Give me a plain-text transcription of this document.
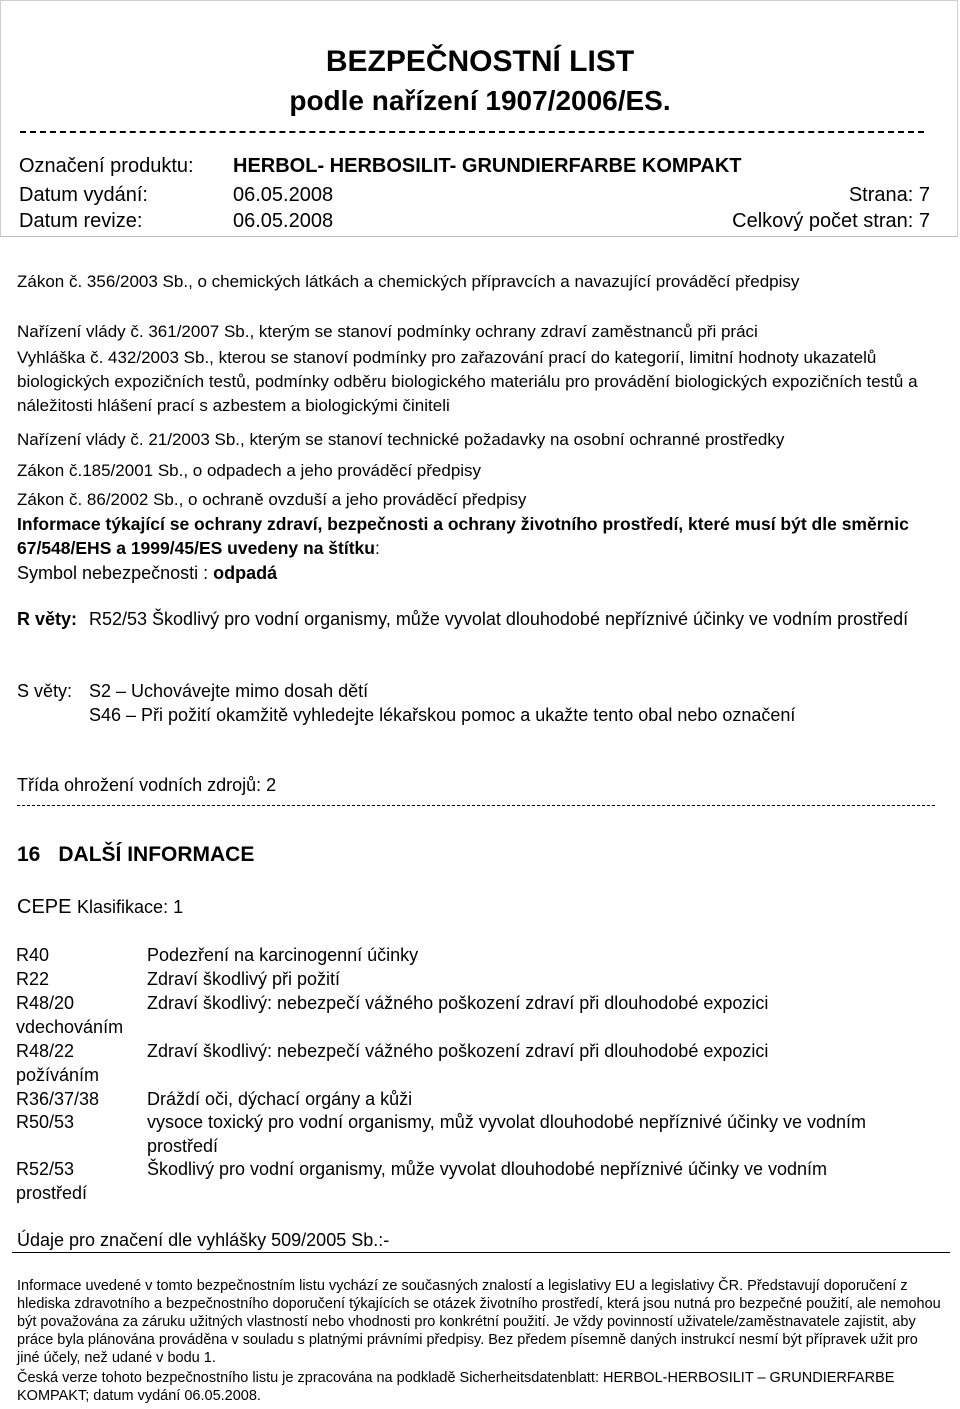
BEZPEČNOSTNÍ LIST
podle nařízení 1907/2006/ES.
Označení produktu: HERBOL- HERBOSILIT- GRUNDIERFARBE KOMPAKT
Datum vydání:	06.05.2008	Strana: 7
Datum revize:	06.05.2008	Celkový počet stran: 7
Zákon č. 356/2003 Sb., o chemických látkách a chemických přípravcích a navazující prováděcí předpisy
Nařízení vlády č. 361/2007 Sb., kterým se stanoví podmínky ochrany zdraví zaměstnanců při práci
Vyhláška č. 432/2003 Sb., kterou se stanoví podmínky pro zařazování prací do kategorií, limitní hodnoty ukazatelů biologických expozičních testů, podmínky odběru biologického materiálu pro provádění biologických expozičních testů a náležitosti hlášení prací s azbestem a biologickými činiteli
Nařízení vlády č. 21/2003 Sb., kterým se stanoví technické požadavky na osobní ochranné prostředky
Zákon č.185/2001 Sb., o odpadech a jeho prováděcí předpisy
Zákon č. 86/2002 Sb., o ochraně ovzduší a jeho prováděcí předpisy
Informace týkající se ochrany zdraví, bezpečnosti a ochrany životního prostředí, které musí být dle směrnic 67/548/EHS a 1999/45/ES uvedeny na štítku:
Symbol nebezpečnosti : odpadá
R věty: R52/53 Škodlivý pro vodní organismy, může vyvolat dlouhodobé nepříznivé účinky ve vodním prostředí
S věty: S2 – Uchovávejte mimo dosah dětí
S46 – Při požití okamžitě vyhledejte lékařskou pomoc a ukažte tento obal nebo označení
Třída ohrožení vodních zdrojů: 2
16 DALŠÍ INFORMACE
CEPE Klasifikace: 1
R40	Podezření na karcinogenní účinky
R22	Zdraví škodlivý při požití
R48/20	Zdraví škodlivý: nebezpečí vážného poškození zdraví při dlouhodobé expozici
vdechováním
R48/22	Zdraví škodlivý: nebezpečí vážného poškození zdraví při dlouhodobé expozici
požíváním
R36/37/38	Dráždí oči, dýchací orgány a kůži
R50/53	vysoce toxický pro vodní organismy, můž vyvolat dlouhodobé nepříznivé účinky ve vodním prostředí
R52/53	Škodlivý pro vodní organismy, může vyvolat dlouhodobé nepříznivé účinky ve vodním
prostředí
Údaje pro značení dle vyhlášky 509/2005 Sb.:-
Informace uvedené v tomto bezpečnostním listu vychází ze současných znalostí a legislativy EU a legislativy ČR. Představují doporučení z hlediska zdravotního a bezpečnostního doporučení týkajících se otázek životního prostředí, která jsou nutná pro bezpečné použití, ale nemohou být považována za záruku užitných vlastností nebo vhodnosti pro konkrétní použití. Je vždy povinností uživatele/zaměstnavatele zajistit, aby práce byla plánována prováděna v souladu s platnými právními předpisy. Bez předem písemně daných instrukcí nesmí být přípravek užit pro jiné účely, než udané v bodu 1.
Česká verze tohoto bezpečnostního listu je zpracována na podkladě Sicherheitsdatenblatt: HERBOL-HERBOSILIT – GRUNDIERFARBE KOMPAKT; datum vydání 06.05.2008.
